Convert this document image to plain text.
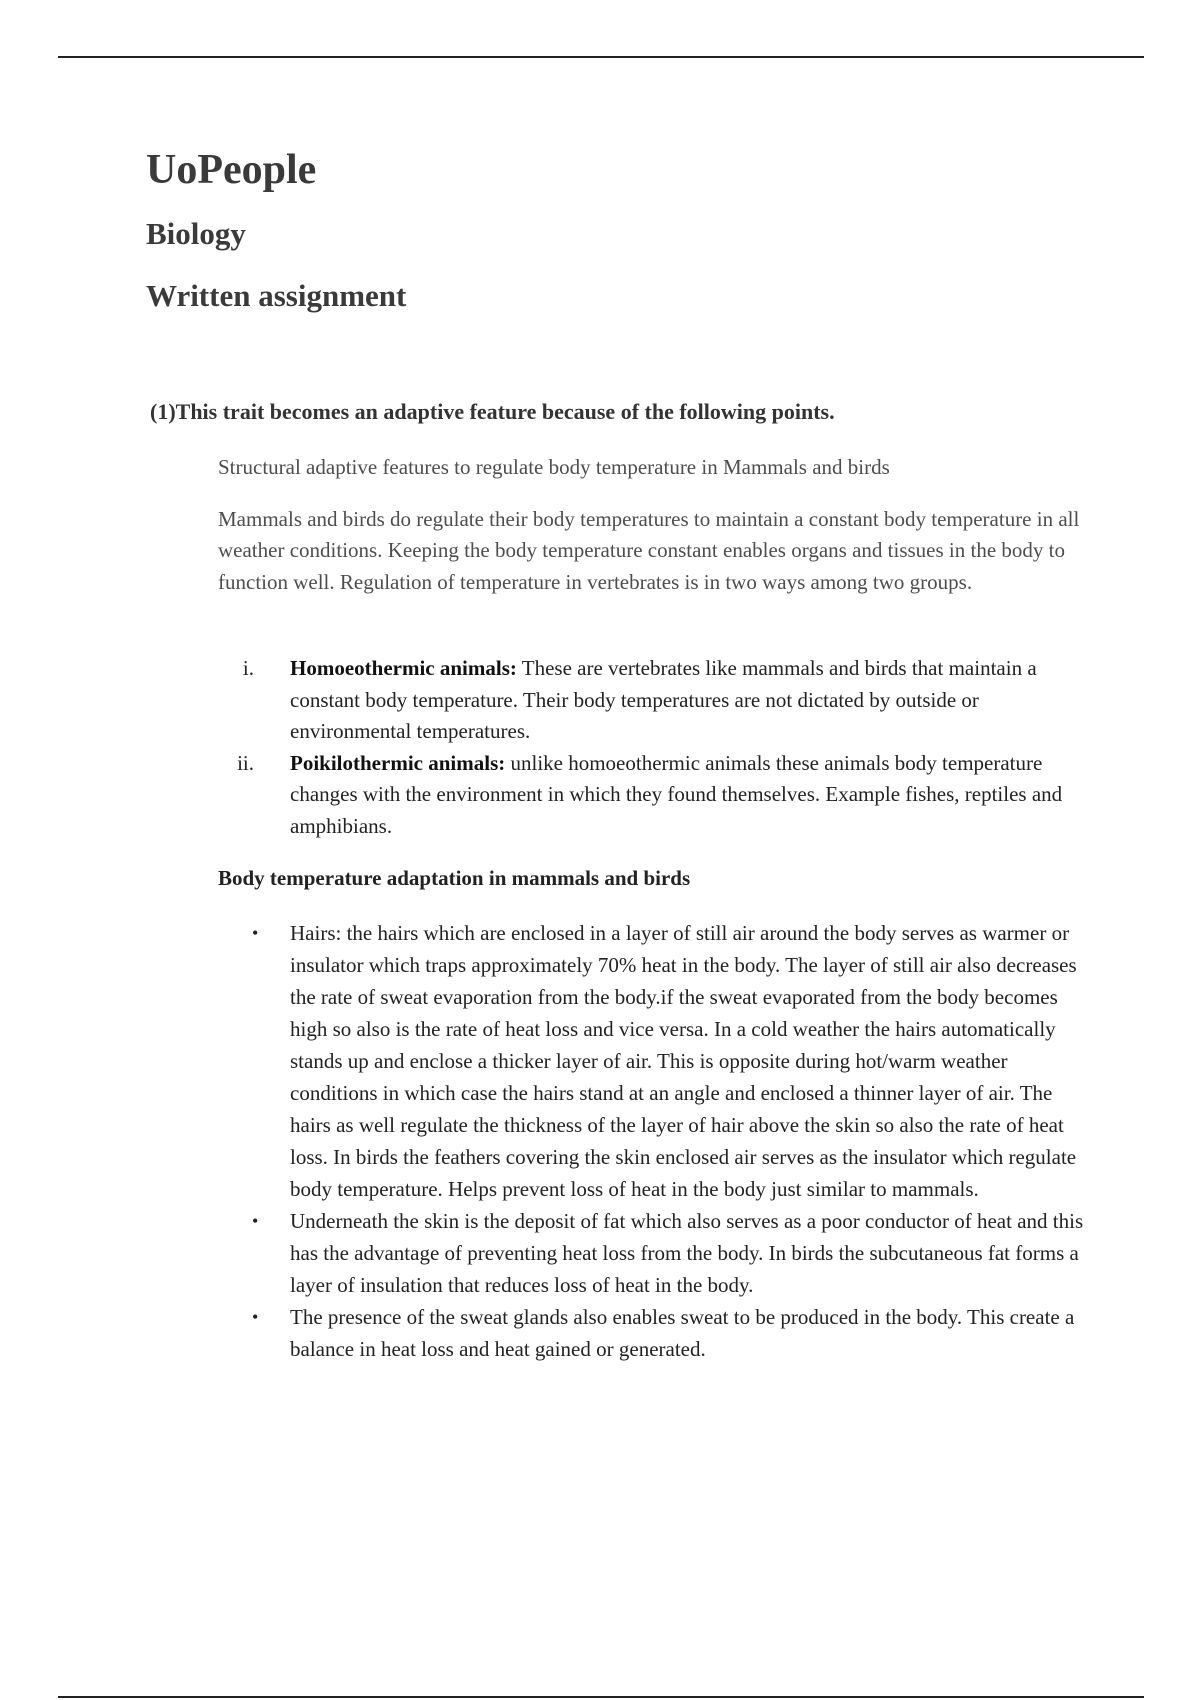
UoPeople
Biology
Written assignment
(1)This trait becomes an adaptive feature because of the following points.

Structural adaptive features to regulate body temperature in Mammals and birds

Mammals and birds do regulate their body temperatures to maintain a constant body temperature in all weather conditions. Keeping the body temperature constant enables organs and tissues in the body to function well. Regulation of temperature in vertebrates is in two ways among two groups.

i. Homoeothermic animals: These are vertebrates like mammals and birds that maintain a constant body temperature. Their body temperatures are not dictated by outside or environmental temperatures.
ii. Poikilothermic animals: unlike homoeothermic animals these animals body temperature changes with the environment in which they found themselves. Example fishes, reptiles and amphibians.
Body temperature adaptation in mammals and birds
• Hairs: the hairs which are enclosed in a layer of still air around the body serves as warmer or insulator which traps approximately 70% heat in the body. The layer of still air also decreases the rate of sweat evaporation from the body.if the sweat evaporated from the body becomes high so also is the rate of heat loss and vice versa. In a cold weather the hairs automatically stands up and enclose a thicker layer of air. This is opposite during hot/warm weather conditions in which case the hairs stand at an angle and enclosed a thinner layer of air. The hairs as well regulate the thickness of the layer of hair above the skin so also the rate of heat loss. In birds the feathers covering the skin enclosed air serves as the insulator which regulate body temperature. Helps prevent loss of heat in the body just similar to mammals.
• Underneath the skin is the deposit of fat which also serves as a poor conductor of heat and this has the advantage of preventing heat loss from the body. In birds the subcutaneous fat forms a layer of insulation that reduces loss of heat in the body.
• The presence of the sweat glands also enables sweat to be produced in the body. This create a balance in heat loss and heat gained or generated.
